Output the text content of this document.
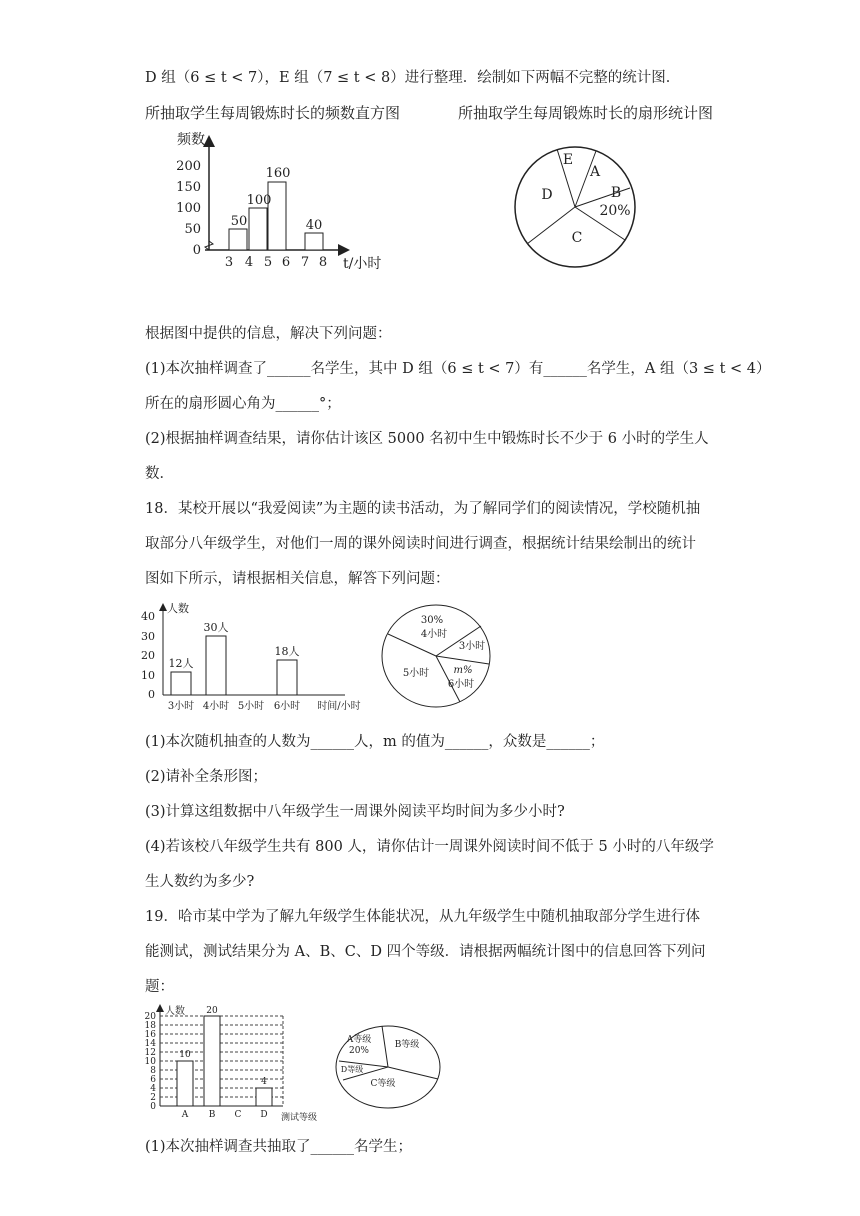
D 组（6 ≤ t < 7），E 组（7 ≤ t < 8）进行整理．绘制如下两幅不完整的统计图．
所抽取学生每周锻炼时长的频数直方图	所抽取学生每周锻炼时长的扇形统计图
频数
0
50
100
150
200
50
100
160
40
3 4 5 6 7 8 t/小时
E
A
B
20%
C
D
根据图中提供的信息，解决下列问题：
(1)本次抽样调查了______名学生，其中 D 组（6 ≤ t < 7）有______名学生，A 组（3 ≤ t < 4）
所在的扇形圆心角为______°；
(2)根据抽样调查结果，请你估计该区 5000 名初中生中锻炼时长不少于 6 小时的学生人
数．
18．某校开展以“我爱阅读”为主题的读书活动，为了解同学们的阅读情况，学校随机抽
取部分八年级学生，对他们一周的课外阅读时间进行调查，根据统计结果绘制出的统计
图如下所示，请根据相关信息，解答下列问题：
人数
0
10
20
30
40
12人
30人
18人
3小时 4小时 5小时 6小时 时间/小时
30%
4小时
3小时
5小时 m%
6小时
(1)本次随机抽查的人数为______人，m 的值为______，众数是______；
(2)请补全条形图；
(3)计算这组数据中八年级学生一周课外阅读平均时间为多少小时?
(4)若该校八年级学生共有 800 人，请你估计一周课外阅读时间不低于 5 小时的八年级学
生人数约为多少?
19．哈市某中学为了解九年级学生体能状况，从九年级学生中随机抽取部分学生进行体
能测试，测试结果分为 A、B、C、D 四个等级．请根据两幅统计图中的信息回答下列问
题：
人数
0
2
4
6
8
10
12
14
16
18
20
10
20
4
A B C D 测试等级
A等级
20%
B等级
D等级
C等级
(1)本次抽样调查共抽取了______名学生；
